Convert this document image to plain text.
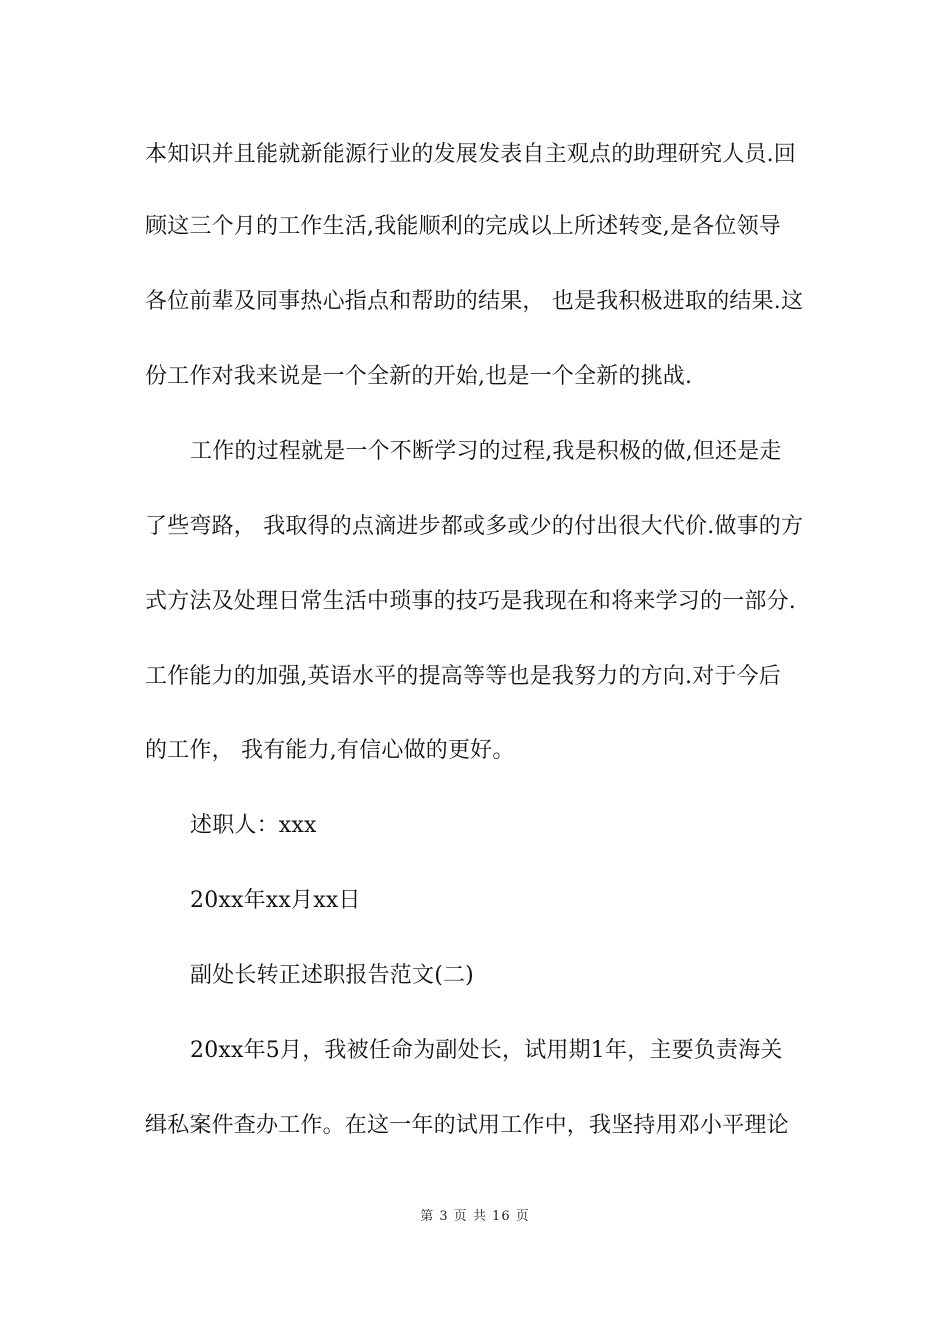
本知识并且能就新能源行业的发展发表自主观点的助理研究人员.回
顾这三个月的工作生活,我能顺利的完成以上所述转变,是各位领导
各位前辈及同事热心指点和帮助的结果， 也是我积极进取的结果.这
份工作对我来说是一个全新的开始,也是一个全新的挑战.
工作的过程就是一个不断学习的过程,我是积极的做,但还是走
了些弯路， 我取得的点滴进步都或多或少的付出很大代价.做事的方
式方法及处理日常生活中琐事的技巧是我现在和将来学习的一部分.
工作能力的加强,英语水平的提高等等也是我努力的方向.对于今后
的工作， 我有能力,有信心做的更好。
述职人：xxx
20xx年xx月xx日
副处长转正述职报告范文(二)
20xx年5月，我被任命为副处长，试用期1年，主要负责海关
缉私案件查办工作。在这一年的试用工作中，我坚持用邓小平理论
第 3 页 共 16 页
